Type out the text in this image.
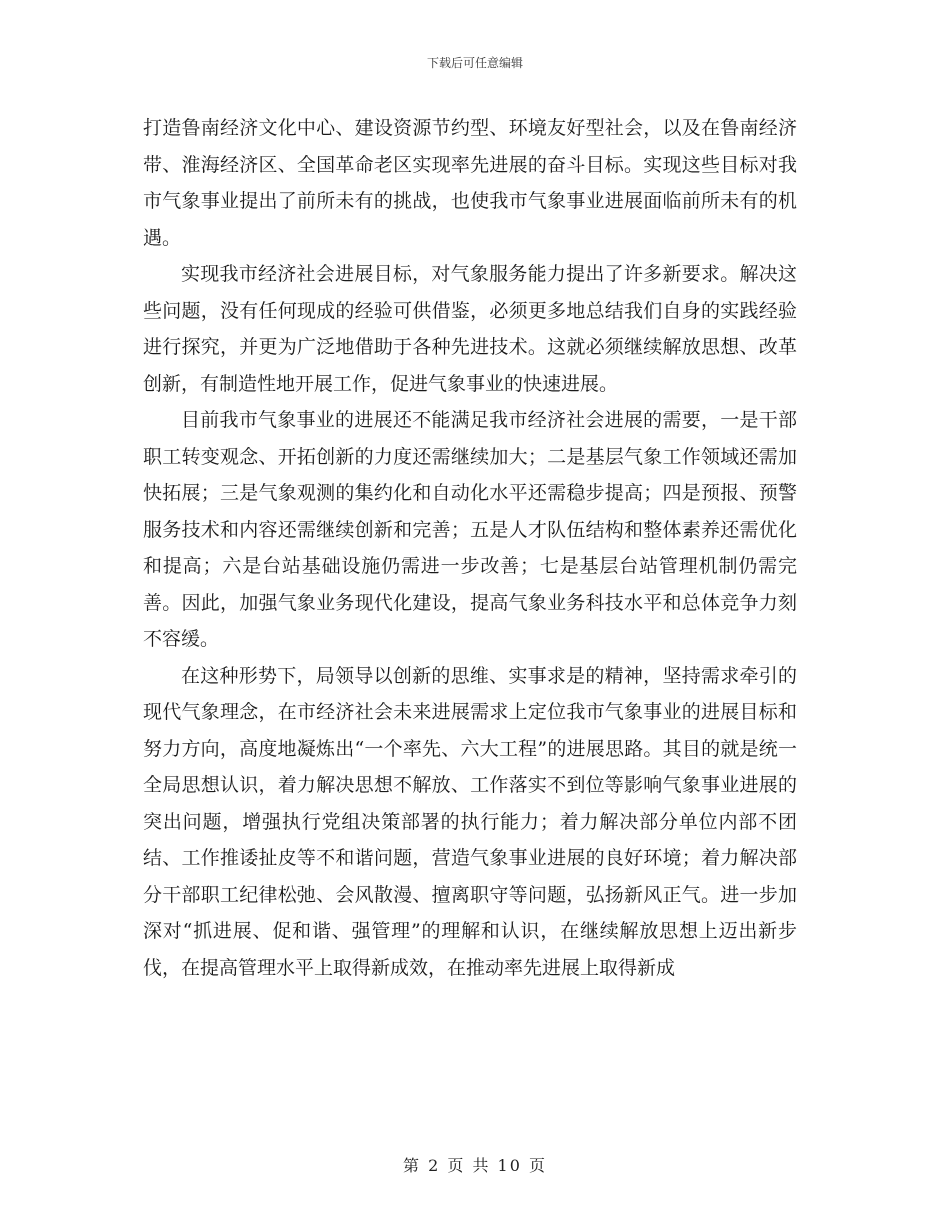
下载后可任意编辑

打造鲁南经济文化中心、建设资源节约型、环境友好型社会，以及在鲁南经济带、淮海经济区、全国革命老区实现率先进展的奋斗目标。实现这些目标对我市气象事业提出了前所未有的挑战，也使我市气象事业进展面临前所未有的机遇。

实现我市经济社会进展目标，对气象服务能力提出了许多新要求。解决这些问题，没有任何现成的经验可供借鉴，必须更多地总结我们自身的实践经验进行探究，并更为广泛地借助于各种先进技术。这就必须继续解放思想、改革创新，有制造性地开展工作，促进气象事业的快速进展。

目前我市气象事业的进展还不能满足我市经济社会进展的需要，一是干部职工转变观念、开拓创新的力度还需继续加大；二是基层气象工作领域还需加快拓展；三是气象观测的集约化和自动化水平还需稳步提高；四是预报、预警服务技术和内容还需继续创新和完善；五是人才队伍结构和整体素养还需优化和提高；六是台站基础设施仍需进一步改善；七是基层台站管理机制仍需完善。因此，加强气象业务现代化建设，提高气象业务科技水平和总体竞争力刻不容缓。

在这种形势下，局领导以创新的思维、实事求是的精神，坚持需求牵引的现代气象理念，在市经济社会未来进展需求上定位我市气象事业的进展目标和努力方向，高度地凝炼出“一个率先、六大工程”的进展思路。其目的就是统一全局思想认识，着力解决思想不解放、工作落实不到位等影响气象事业进展的突出问题，增强执行党组决策部署的执行能力；着力解决部分单位内部不团结、工作推诿扯皮等不和谐问题，营造气象事业进展的良好环境；着力解决部分干部职工纪律松弛、会风散漫、擅离职守等问题，弘扬新风正气。进一步加深对“抓进展、促和谐、强管理”的理解和认识，在继续解放思想上迈出新步伐，在提高管理水平上取得新成效，在推动率先进展上取得新成

第 2 页 共 10 页
